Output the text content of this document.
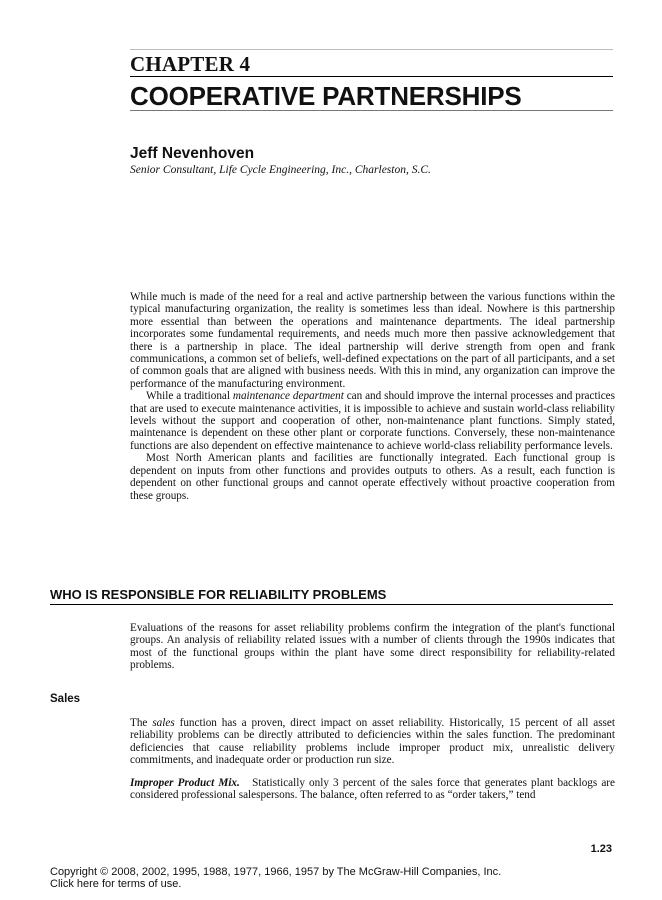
CHAPTER 4
COOPERATIVE PARTNERSHIPS
Jeff Nevenhoven
Senior Consultant, Life Cycle Engineering, Inc., Charleston, S.C.

While much is made of the need for a real and active partnership between the various functions within the typical manufacturing organization, the reality is sometimes less than ideal. Nowhere is this partnership more essential than between the operations and maintenance departments. The ideal partnership incorporates some fundamental requirements, and needs much more then passive acknowledgement that there is a partnership in place. The ideal partnership will derive strength from open and frank communications, a common set of beliefs, well-defined expectations on the part of all participants, and a set of common goals that are aligned with business needs. With this in mind, any organization can improve the performance of the manufacturing environment.

While a traditional maintenance department can and should improve the internal processes and practices that are used to execute maintenance activities, it is impossible to achieve and sustain world-class reliability levels without the support and cooperation of other, non-maintenance plant functions. Simply stated, maintenance is dependent on these other plant or corporate functions. Conversely, these non-maintenance functions are also dependent on effective maintenance to achieve world-class reliability performance levels.

Most North American plants and facilities are functionally integrated. Each functional group is dependent on inputs from other functions and provides outputs to others. As a result, each function is dependent on other functional groups and cannot operate effectively without proactive cooperation from these groups.

WHO IS RESPONSIBLE FOR RELIABILITY PROBLEMS

Evaluations of the reasons for asset reliability problems confirm the integration of the plant's functional groups. An analysis of reliability related issues with a number of clients through the 1990s indicates that most of the functional groups within the plant have some direct responsibility for reliability-related problems.

Sales

The sales function has a proven, direct impact on asset reliability. Historically, 15 percent of all asset reliability problems can be directly attributed to deficiencies within the sales function. The predominant deficiencies that cause reliability problems include improper product mix, unrealistic delivery commitments, and inadequate order or production run size.

Improper Product Mix. Statistically only 3 percent of the sales force that generates plant backlogs are considered professional salespersons. The balance, often referred to as “order takers,” tend

1.23
Copyright © 2008, 2002, 1995, 1988, 1977, 1966, 1957 by The McGraw-Hill Companies, Inc.
Click here for terms of use.
